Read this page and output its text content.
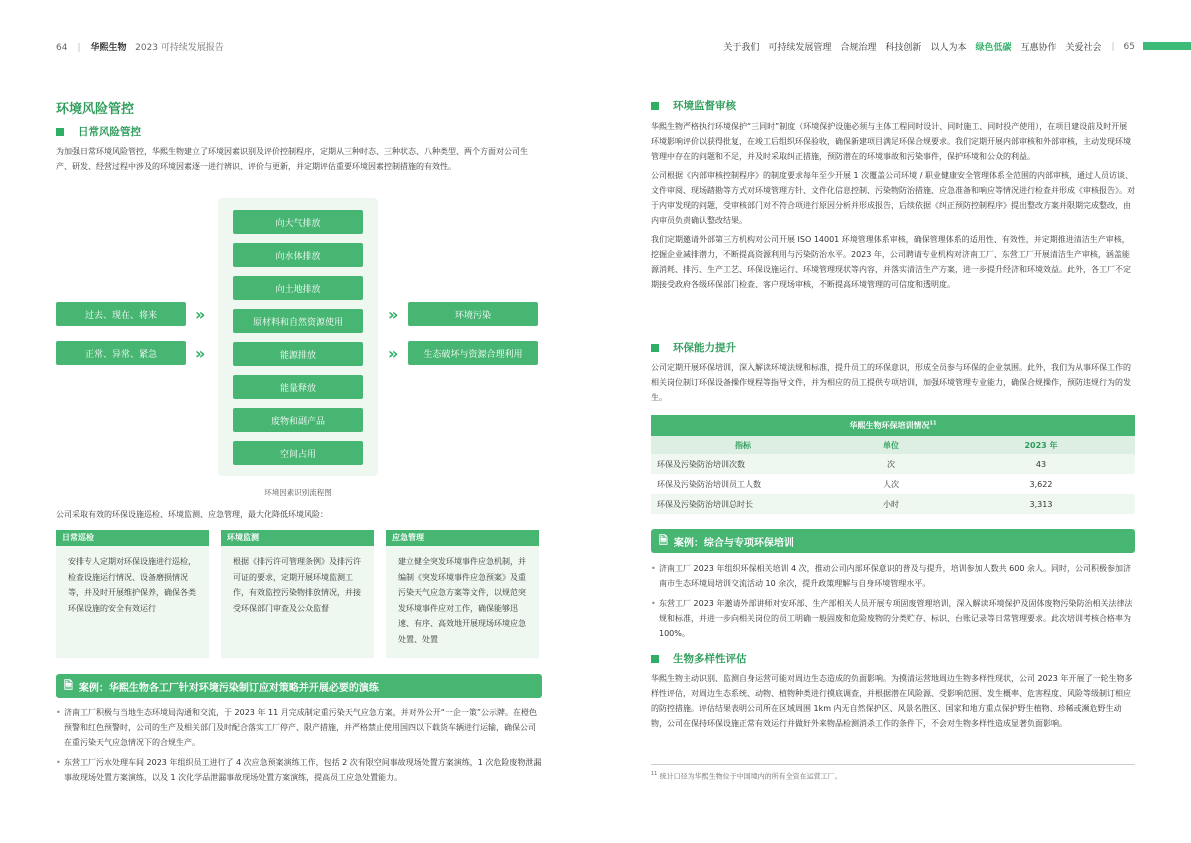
64 | 华熙生物 2023 可持续发展报告	关于我们 可持续发展管理 合规治理 科技创新 以人为本 绿色低碳 互惠协作 关爱社会 | 65
环境风险管控
日常风险管控
为加强日常环境风险管控，华熙生物建立了环境因素识别及评价控制程序，定期从三种时态、三种状态、八种类型、两个方面对公司生产、研发、经营过程中涉及的环境因素逐一进行辨识、评价与更新，并定期评估重要环境因素控制措施的有效性。
过去、现在、将来
正常、异常、紧急
»
»
向大气排放
向水体排放
向土地排放
原材料和自然资源使用
能源排放
能量释放
废物和副产品
空间占用
»
»
环境污染
生态破坏与资源合理利用
环境因素识别流程图
公司采取有效的环保设施巡检、环境监测、应急管理，最大化降低环境风险：
日常巡检
安排专人定期对环保设施进行巡检，检查设施运行情况、设备磨损情况等，并及时开展维护保养，确保各类环保设施的安全有效运行
环境监测
根据《排污许可管理条例》及排污许可证的要求，定期开展环境监测工作，有效监控污染物排放情况，并接受环保部门审查及公众监督
应急管理
建立健全突发环境事件应急机制，并编制《突发环境事件应急预案》及重污染天气应急方案等文件，以规范突发环境事件应对工作，确保能够迅速、有序、高效地开展现场环境应急处置、处置
🗎 案例：华熙生物各工厂针对环境污染制订应对策略并开展必要的演练
• 济南工厂积极与当地生态环境局沟通和交流，于 2023 年 11 月完成制定重污染天气应急方案，并对外公开“一企一策”公示牌。在橙色预警和红色预警时，公司的生产及相关部门及时配合落实工厂停产、限产措施，并严格禁止使用国四以下载货车辆进行运输，确保公司在重污染天气应急情况下的合规生产。
• 东营工厂污水处理车间 2023 年组织员工进行了 4 次应急预案演练工作，包括 2 次有限空间事故现场处置方案演练，1 次危险废物泄漏事故现场处置方案演练，以及 1 次化学品泄漏事故现场处置方案演练，提高员工应急处置能力。
环境监督审核

华熙生物严格执行环境保护“三同时”制度（环境保护设施必须与主体工程同时设计、同时施工、同时投产使用），在项目建设前及时开展环境影响评价以获得批复，在竣工后组织环保验收，确保新建项目满足环保合规要求。我们定期开展内部审核和外部审核，主动发现环境管理中存在的问题和不足，并及时采取纠正措施，预防潜在的环境事故和污染事件，保护环境和公众的利益。

公司根据《内部审核控制程序》的制度要求每年至少开展 1 次覆盖公司环境 / 职业健康安全管理体系全范围的内部审核，通过人员访谈、文件审阅、现场踏勘等方式对环境管理方针、文件化信息控制、污染物防治措施、应急准备和响应等情况进行检查并形成《审核报告》。对于内审发现的问题，受审核部门对不符合项进行原因分析并形成报告，后续依据《纠正预防控制程序》提出整改方案并限期完成整改，由内审员负责确认整改结果。

我们定期邀请外部第三方机构对公司开展 ISO 14001 环境管理体系审核，确保管理体系的适用性、有效性，并定期推进清洁生产审核，挖掘企业减排潜力，不断提高资源利用与污染防治水平。2023 年，公司聘请专业机构对济南工厂、东营工厂开展清洁生产审核，涵盖能源消耗、排污、生产工艺、环保设施运行、环境管理现状等内容，并落实清洁生产方案，进一步提升经济和环境效益。此外，各工厂不定期接受政府各级环保部门检查、客户现场审核，不断提高环境管理的可信度和透明度。

环保能力提升
公司定期开展环保培训，深入解读环境法规和标准，提升员工的环保意识，形成全员参与环保的企业氛围。此外，我们为从事环保工作的相关岗位制订环保设备操作规程等指导文件，并为相应的员工提供专项培训，加强环境管理专业能力，确保合规操作，预防违规行为的发生。
华熙生物环保培训情况$^{11}$
指标	单位	2023 年
环保及污染防治培训次数	次	43
环保及污染防治培训员工人数	人次	3,622
环保及污染防治培训总时长	小时	3,313
🗎 案例：综合与专项环保培训
• 济南工厂 2023 年组织环保相关培训 4 次，推动公司内部环保意识的普及与提升，培训参加人数共 600 余人。同时，公司积极参加济南市生态环境局培训交流活动 10 余次，提升政策理解与自身环境管理水平。
• 东营工厂 2023 年邀请外部讲师对安环部、生产部相关人员开展专项固废管理培训，深入解读环境保护及固体废物污染防治相关法律法规和标准，并进一步向相关岗位的员工明确一般固废和危险废物的分类贮存、标识、台账记录等日常管理要求。此次培训考核合格率为 100%。
生物多样性评估
华熙生物主动识别、监测自身运营可能对周边生态造成的负面影响。为摸清运营地周边生物多样性现状，公司 2023 年开展了一轮生物多样性评估，对周边生态系统、动物、植物种类进行摸底调查，并根据潜在风险源、受影响范围、发生概率、危害程度、风险等级制订相应的防控措施。评估结果表明公司所在区域周围 1km 内无自然保护区、风景名胜区、国家和地方重点保护野生植物、珍稀或濒危野生动物，公司在保持环保设施正常有效运行并做好外来物品检测消杀工作的条件下，不会对生物多样性造成显著负面影响。
$^{11}$ 统计口径为华熙生物位于中国境内的所有全资在运营工厂。
